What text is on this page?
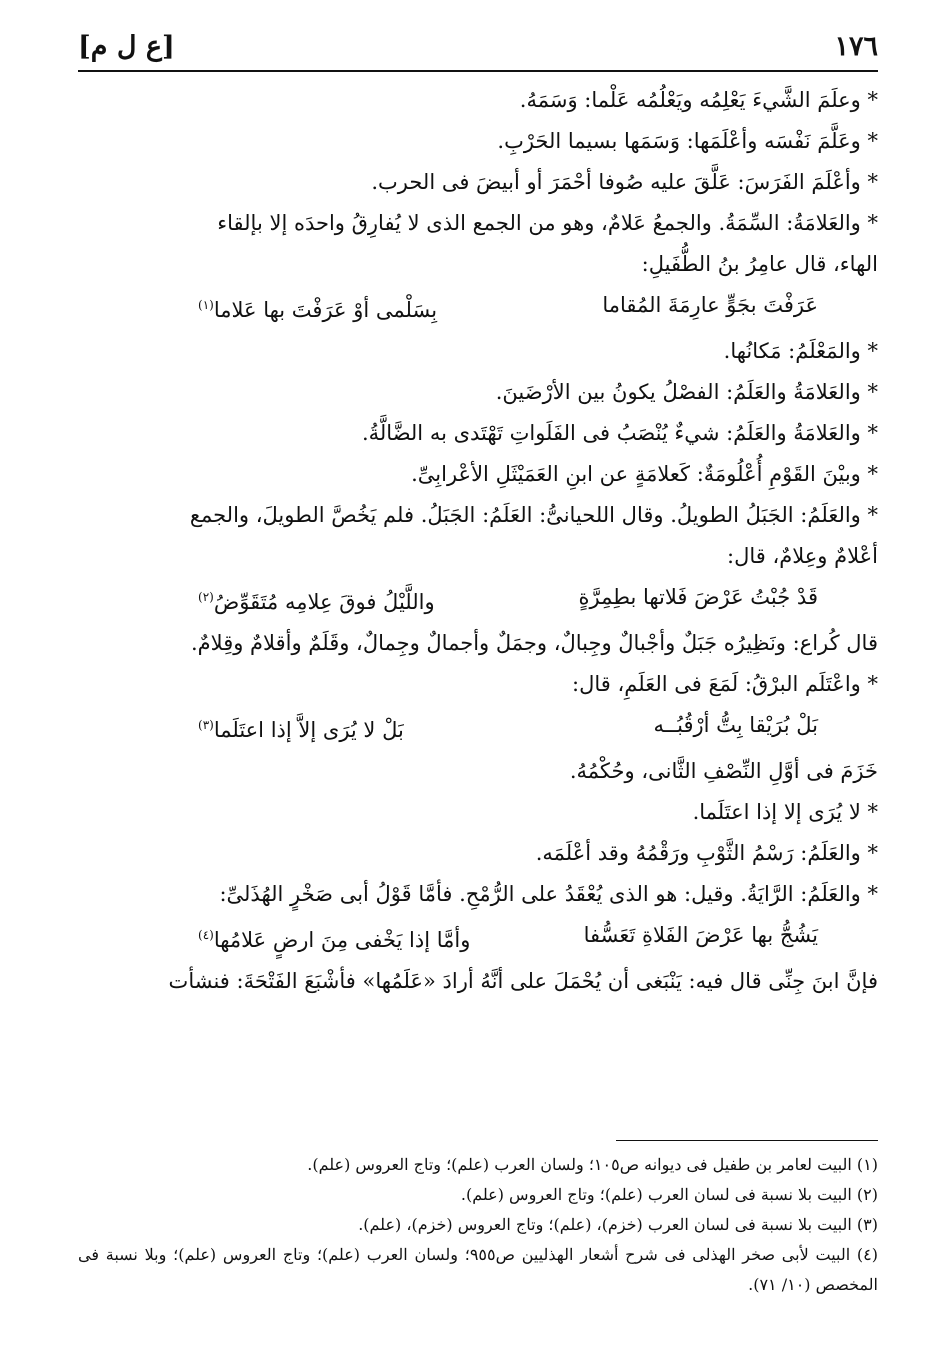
١٧٦
[ع ل م]

* وعلَمَ الشَّيءَ يَعْلِمُه ويَعْلُمُه عَلْما: وَسَمَهُ.

* وعَلَّمَ نَفْسَه وأعْلَمَها: وَسَمَها بسيما الحَرْبِ.

* وأعْلَمَ الفَرَسَ: عَلَّقَ عليه صُوفا أحْمَرَ أو أبيضَ فى الحرب.

* والعَلامَةُ: السِّمَةُ. والجمعُ عَلامٌ، وهو من الجمع الذى لا يُفارِقُ واحدَه إلا بإلقاء

الهاء، قال عامِرُ بنُ الطُّفَيلِ:

عَرَفْتَ بجَوٍّ عارِمَةَ المُقاما
بِسَلْمى أوْ عَرَفْتَ بها عَلاما(١)

* والمَعْلَمُ: مَكانُها.

* والعَلامَةُ والعَلَمُ: الفصْلُ يكونُ بين الأرْضَينَ.

* والعَلامَةُ والعَلَمُ: شيءٌ يُنْصَبُ فى الفَلَواتِ تَهْتَدى به الضَّالَّةُ.

* وبيْنَ القَوْمِ أُعْلُومَةٌ: كَعلامَةٍ عن ابنِ العَمَيْثَلِ الأعْرابِىِّ.

* والعَلَمُ: الجَبَلُ الطويلُ. وقال اللحيانىُّ: العَلَمُ: الجَبَلُ. فلم يَخُصَّ الطويلَ، والجمع

أعْلامٌ وعِلامٌ، قال:

قَدْ جُبْتُ عَرْضَ فَلاتها بطِمِرَّةٍ
واللَّيْلُ فوقَ عِلامِه مُتَقَوِّضُ(٢)

قال كُراع: ونَظِيرُه جَبَلٌ وأجْبالٌ وجِبالٌ، وجمَلٌ وأجمالٌ وجِمالٌ، وقَلَمٌ وأقلامٌ وقِلامٌ.

* واعْتَلَم البرْقُ: لَمَعَ فى العَلَمِ، قال:

بَلْ بُرَيْقا بِتُّ أرْقُبُــه
بَلْ لا يُرَى إلاَّ إذا اعتَلَما(٣)

خَزَمَ فى أوَّلِ النِّصْفِ الثَّانى، وحُكْمُهُ.

* لا يُرَى إلا إذا اعتَلَما.

* والعَلَمُ: رَسْمُ الثَّوْبِ ورَقْمُهُ وقد أعْلَمَه.

* والعَلَمُ: الرَّايَةُ. وقيل: هو الذى يُعْقَدُ على الرُّمْحِ. فأمَّا قَوْلُ أبى صَخْرٍ الهُذَلىِّ:

يَشُجُّ بها عَرْضَ الفَلاةِ تَعَسُّفا
وأمَّا إذا يَخْفى مِنَ ارضٍ عَلامُها(٤)

فإنَّ ابنَ جِنِّى قال فيه: يَنْبَغى أن يُحْمَلَ على أنَّهُ أرادَ «عَلَمُها» فأشْبَعَ الفَتْحَةَ: فنشأت

(١) البيت لعامر بن طفيل فى ديوانه ص١٠٥؛ ولسان العرب (علم)؛ وتاج العروس (علم).

(٢) البيت بلا نسبة فى لسان العرب (علم)؛ وتاج العروس (علم).

(٣) البيت بلا نسبة فى لسان العرب (خزم)، (علم)؛ وتاج العروس (خزم)، (علم).

(٤) البيت لأبى صخر الهذلى فى شرح أشعار الهذليين ص٩٥٥؛ ولسان العرب (علم)؛ وتاج العروس (علم)؛ وبلا نسبة فى المخصص (١٠/ ٧١).
